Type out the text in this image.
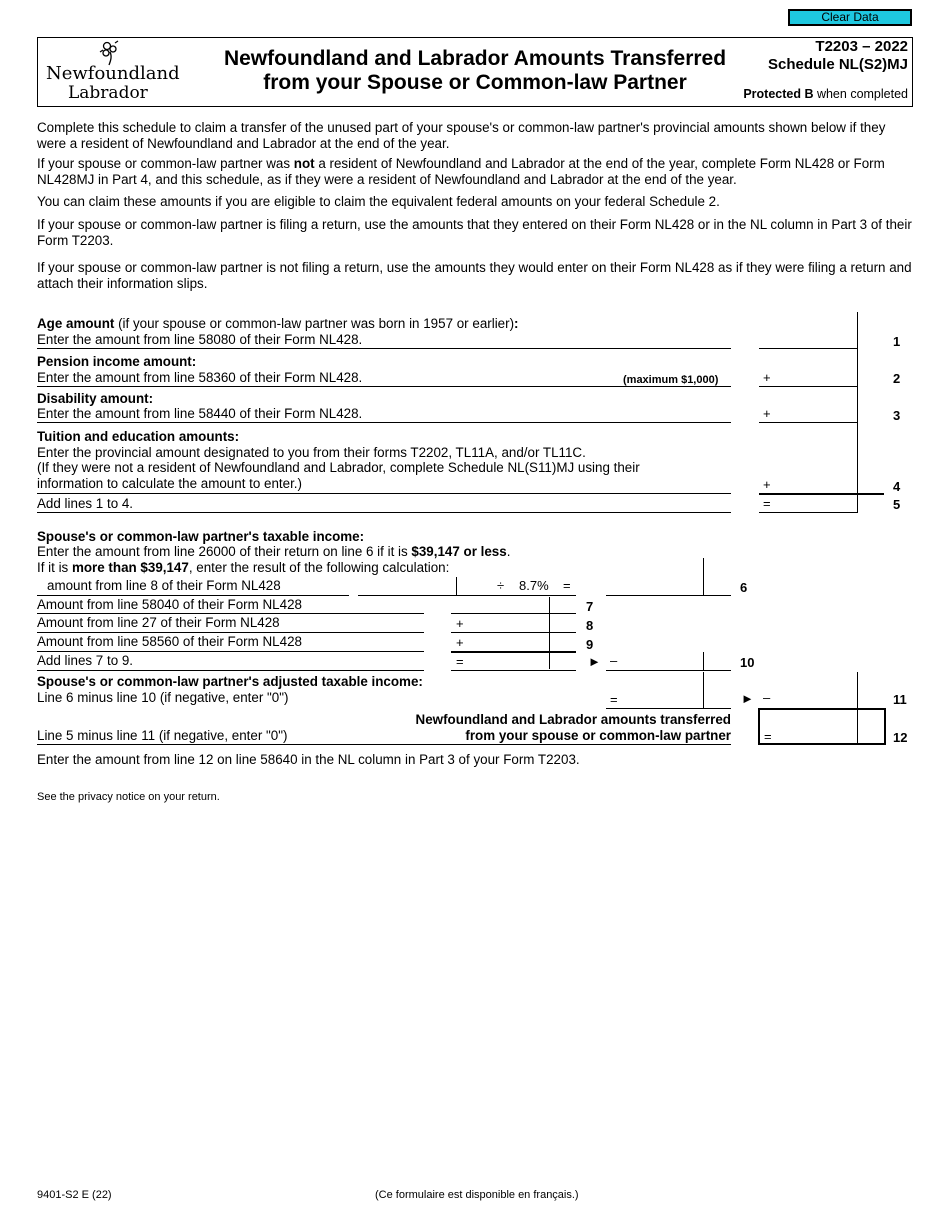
Clear Data
Newfoundland
Labrador
Newfoundland and Labrador Amounts Transferred
from your Spouse or Common-law Partner
T2203 – 2022
Schedule NL(S2)MJ
Protected B when completed

Complete this schedule to claim a transfer of the unused part of your spouse's or common-law partner's provincial amounts shown below if they were a resident of Newfoundland and Labrador at the end of the year.

If your spouse or common-law partner was not a resident of Newfoundland and Labrador at the end of the year, complete Form NL428 or Form NL428MJ in Part 4, and this schedule, as if they were a resident of Newfoundland and Labrador at the end of the year.

You can claim these amounts if you are eligible to claim the equivalent federal amounts on your federal Schedule 2.

If your spouse or common-law partner is filing a return, use the amounts that they entered on their Form NL428 or in the NL column in Part 3 of their Form T2203.

If your spouse or common-law partner is not filing a return, use the amounts they would enter on their Form NL428 as if they were filing a return and attach their information slips.

Age amount (if your spouse or common-law partner was born in 1957 or earlier):
Enter the amount from line 58080 of their Form NL428.	1
Pension income amount:
Enter the amount from line 58360 of their Form NL428.	(maximum $1,000)	+	2
Disability amount:
Enter the amount from line 58440 of their Form NL428.	+	3
Tuition and education amounts:
Enter the provincial amount designated to you from their forms T2202, TL11A, and/or TL11C.
(If they were not a resident of Newfoundland and Labrador, complete Schedule NL(S11)MJ using their
information to calculate the amount to enter.)	+	4
Add lines 1 to 4.	=	5
Spouse's or common-law partner's taxable income:
Enter the amount from line 26000 of their return on line 6 if it is $39,147 or less.
If it is more than $39,147, enter the result of the following calculation:
amount from line 8 of their Form NL428	÷ 8.7% =	6
Amount from line 58040 of their Form NL428	7
Amount from line 27 of their Form NL428	+	8
Amount from line 58560 of their Form NL428	+	9
Add lines 7 to 9.	=	► –	10
Spouse's or common-law partner's adjusted taxable income:
Line 6 minus line 10 (if negative, enter "0")	=	► –	11
Newfoundland and Labrador amounts transferred
from your spouse or common-law partner
Line 5 minus line 11 (if negative, enter "0")	=	12
Enter the amount from line 12 on line 58640 in the NL column in Part 3 of your Form T2203.
See the privacy notice on your return.
9401-S2 E (22)	(Ce formulaire est disponible en français.)
